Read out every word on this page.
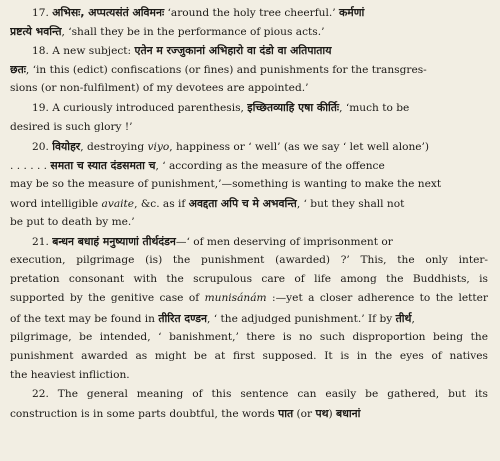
17. अभिसः, अप्पत्यसंतं अविमनः ‘around the holy tree cheerful.’ कर्मणां
प्रष्टत्ये भवन्ति, ‘shall they be in the performance of pious acts.’
18. A new subject: एतेन म रज्जुकानां अभिहारो वा दंडो वा अतिपाताय
छतः, ‘in this (edict) confiscations (or fines) and punishments for the transgres-
sions (or non-fulfilment) of my devotees are appointed.’
19. A curiously introduced parenthesis, इच्छितव्याहि एषा कीर्तिः, ‘much to be
desired is such glory !’
20. वियोहर, destroying viyo, happiness or ‘ well’ (as we say ‘ let well alone’)
. . . . . . समता च स्यात दंडसमता च, ‘ according as the measure of the offence
may be so the measure of punishment,’—something is wanting to make the next
word intelligible avaite, &c. as if अवद्दता अपि च मे अभवन्ति, ‘ but they shall not
be put to death by me.’
21. बन्धन बधाहं मनुष्याणां तीर्थदंडन—‘ of men deserving of imprisonment or
execution, pilgrimage (is) the punishment (awarded) ?’ This, the only inter-
pretation consonant with the scrupulous care of life among the Buddhists, is
supported by the genitive case of munisánám :—yet a closer adherence to the letter
of the text may be found in तीरित दण्डन, ‘ the adjudged punishment.’ If by तीर्थ,
pilgrimage, be intended, ‘ banishment,’ there is no such disproportion being the
punishment awarded as might be at first supposed. It is in the eyes of natives
the heaviest infliction.
22. The general meaning of this sentence can easily be gathered, but its
construction is in some parts doubtful, the words पात (or पथ) बधानां
